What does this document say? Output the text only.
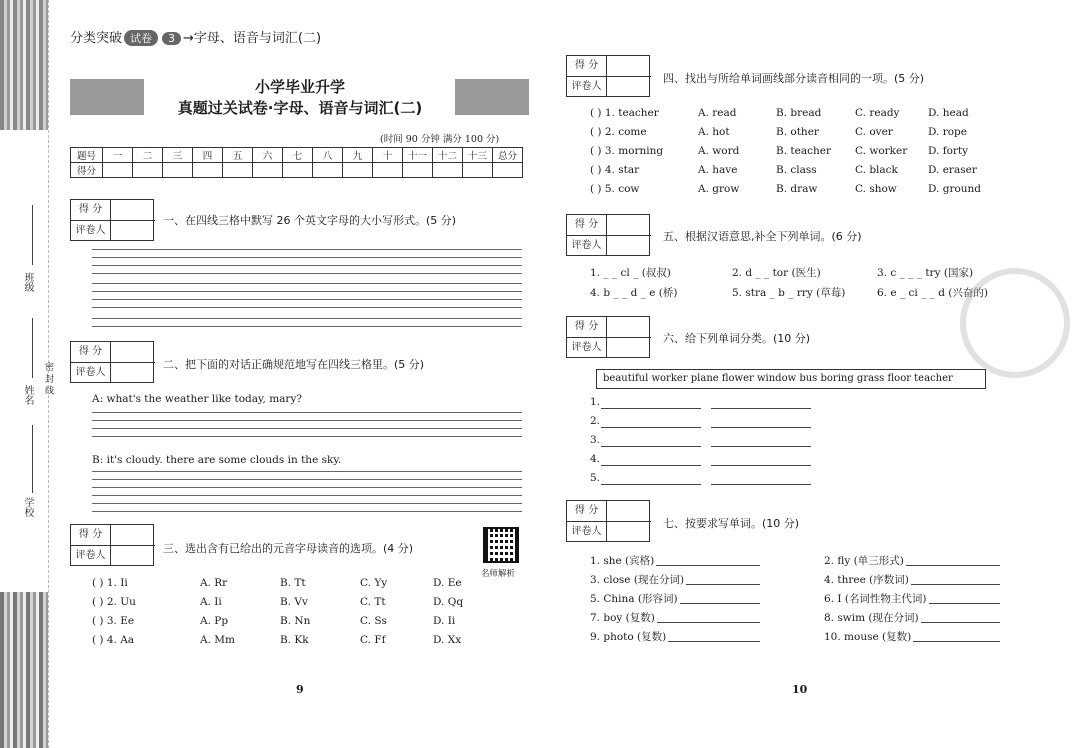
班级
密 封 线
姓名
学校
分类突破 试卷 3 →字母、语音与词汇(二)
小学毕业升学
真题过关试卷·字母、语音与词汇(二)
(时间 90 分钟 满分 100 分)
题号	一	二	三	四	五	六	七	八	九	十	十一	十二	十三	总分
得分														
得 分
评卷人
一、在四线三格中默写 26 个英文字母的大小写形式。(5 分)
得 分
评卷人
二、把下面的对话正确规范地写在四线三格里。(5 分)
A: what's the weather like today, mary?
B: it's cloudy. there are some clouds in the sky.
得 分
评卷人
三、选出含有已给出的元音字母读音的选项。(4 分)
名师解析
( ) 1. Ii	A. Rr	B. Tt	C. Yy	D. Ee
( ) 2. Uu	A. Ii	B. Vv	C. Tt	D. Qq
( ) 3. Ee	A. Pp	B. Nn	C. Ss	D. Ii
( ) 4. Aa	A. Mm	B. Kk	C. Ff	D. Xx
9
得 分
评卷人
四、找出与所给单词画线部分读音相同的一项。(5 分)
( ) 1. teacher	A. read	B. bread	C. ready	D. head
( ) 2. come	A. hot	B. other	C. over	D. rope
( ) 3. morning	A. word	B. teacher C. worker D. forty
( ) 4. star	A. have	B. class	C. black	D. eraser
( ) 5. cow	A. grow	B. draw	C. show	D. ground
得 分
评卷人
五、根据汉语意思,补全下列单词。(6 分)
1. _ _ cl _ (叔叔)	2. d _ _ tor (医生)	3. c _ _ _ try (国家)
4. b _ _ d _ e (桥)	5. stra _ b _ rry (草莓)	6. e _ ci _ _ d (兴奋的)
得 分
评卷人
六、给下列单词分类。(10 分)
beautiful worker plane flower window bus boring grass floor teacher
1.
2.
3.
4.
5.
得 分
评卷人
七、按要求写单词。(10 分)
1. she (宾格)	2. fly (单三形式)
3. close (现在分词)	4. three (序数词)
5. China (形容词)	6. I (名词性物主代词)
7. boy (复数)	8. swim (现在分词)
9. photo (复数)	10. mouse (复数)
10
